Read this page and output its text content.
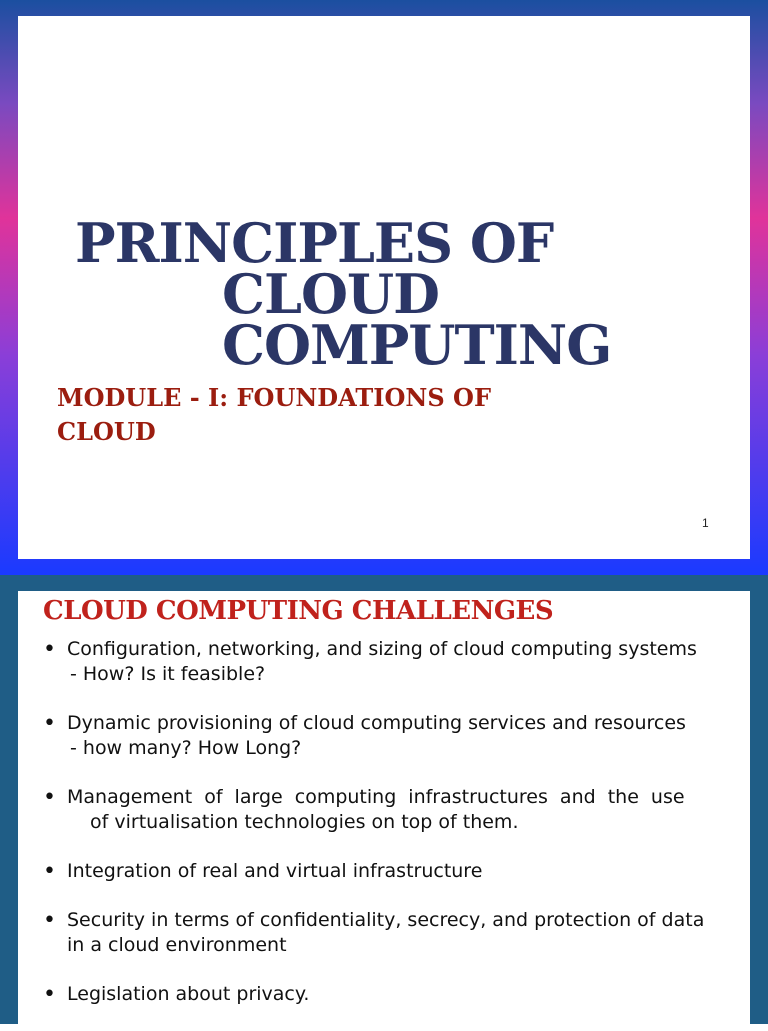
PRINCIPLES OF
CLOUD
COMPUTING
MODULE - I: FOUNDATIONS OF
CLOUD
1
CLOUD COMPUTING CHALLENGES
• Configuration, networking, and sizing of cloud computing systems
- How? Is it feasible?
• Dynamic provisioning of cloud computing services and resources
- how many? How Long?
• Management of large computing infrastructures and the use
of virtualisation technologies on top of them.
• Integration of real and virtual infrastructure
• Security in terms of confidentiality, secrecy, and protection of data
in a cloud environment
• Legislation about privacy.
